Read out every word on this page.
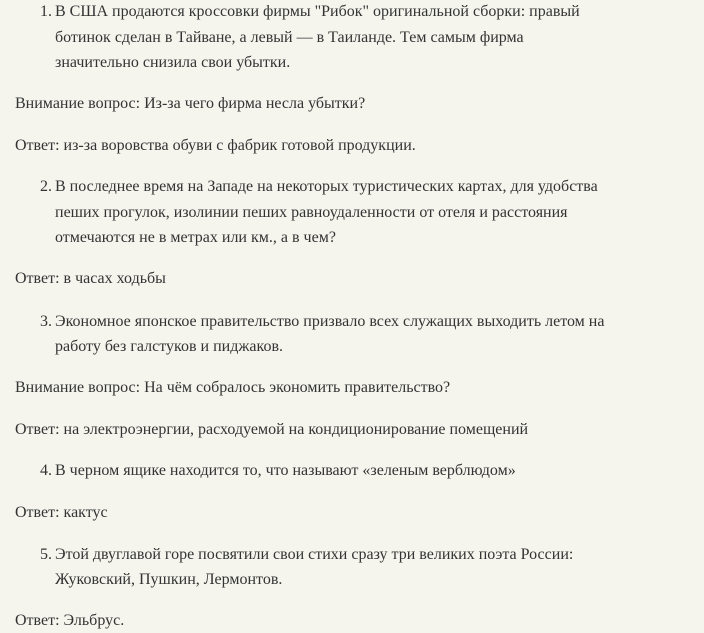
1. В США продаются кроссовки фирмы "Рибок" оригинальной сборки: правый
ботинок сделан в Тайване, а левый — в Таиланде. Тем самым фирма
значительно снизила свои убытки.
Внимание вопрос: Из-за чего фирма несла убытки?
Ответ: из-за воровства обуви с фабрик готовой продукции.
2. В последнее время на Западе на некоторых туристических картах, для удобства
пеших прогулок, изолинии пеших равноудаленности от отеля и расстояния
отмечаются не в метрах или км., а в чем?
Ответ: в часах ходьбы
3. Экономное японское правительство призвало всех служащих выходить летом на
работу без галстуков и пиджаков.
Внимание вопрос: На чём собралось экономить правительство?
Ответ: на электроэнергии, расходуемой на кондиционирование помещений
4. В черном ящике находится то, что называют «зеленым верблюдом»
Ответ: кактус
5. Этой двуглавой горе посвятили свои стихи сразу три великих поэта России:
Жуковский, Пушкин, Лермонтов.
Ответ: Эльбрус.
